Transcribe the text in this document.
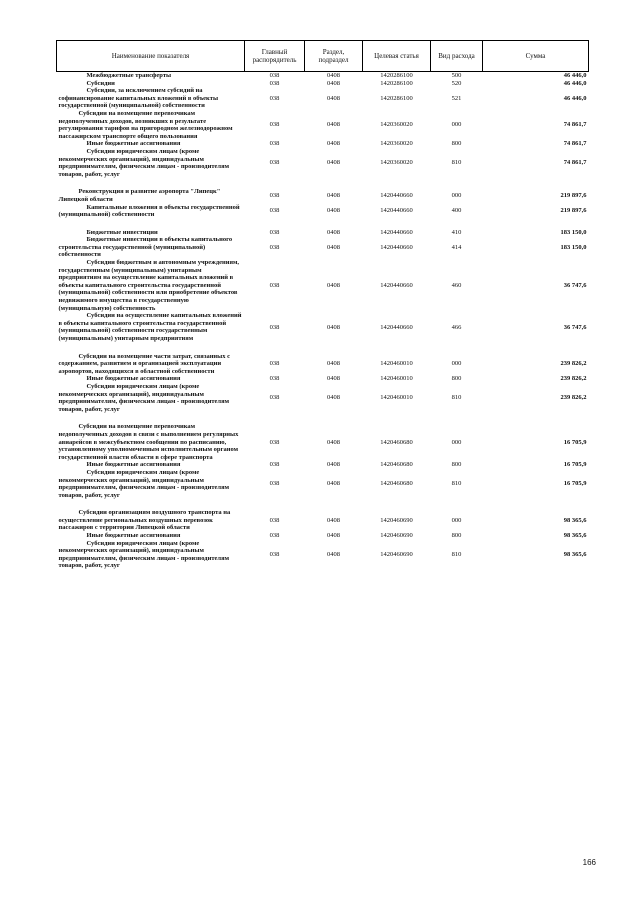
Наименование показателя	Главный распорядитель	Раздел, подраздел	Целевая статья	Вид расхода	Сумма
Межбюджетные трансферты	038	0408	1420286100	500	46 446,0
Субсидии	038	0408	1420286100	520	46 446,0
Субсидии, за исключением субсидий на софинансирование капитальных вложений в объекты государственной (муниципальной) собственности	038	0408	1420286100	521	46 446,0
Субсидии на возмещение перевозчикам недополученных доходов, возникших в результате регулирования тарифов на пригородном железнодорожном пассажирском транспорте общего пользования	038	0408	1420360020	000	74 861,7
Иные бюджетные ассигнования	038	0408	1420360020	800	74 861,7
Субсидии юридическим лицам (кроме некоммерческих организаций), индивидуальным предпринимателям, физическим лицам - производителям товаров, работ, услуг	038	0408	1420360020	810	74 861,7

Реконструкция и развитие аэропорта "Липецк" Липецкой области	038	0408	1420440660	000	219 897,6
Капитальные вложения в объекты государственной (муниципальной) собственности	038	0408	1420440660	400	219 897,6

Бюджетные инвестиции	038	0408	1420440660	410	183 150,0
Бюджетные инвестиции в объекты капитального строительства государственной (муниципальной) собственности	038	0408	1420440660	414	183 150,0
Субсидии бюджетным и автономным учреждениям, государственным (муниципальным) унитарным предприятиям на осуществление капитальных вложений в объекты капитального строительства государственной (муниципальной) собственности или приобретение объектов недвижимого имущества в государственную (муниципальную) собственность	038	0408	1420440660	460	36 747,6
Субсидии на осуществление капитальных вложений в объекты капитального строительства государственной (муниципальной) собственности государственным (муниципальным) унитарным предприятиям	038	0408	1420440660	466	36 747,6

Субсидии на возмещение части затрат, связанных с содержанием, развитием и организацией эксплуатации аэропортов, находящихся в областной собственности	038	0408	1420460010	000	239 826,2
Иные бюджетные ассигнования	038	0408	1420460010	800	239 826,2
Субсидии юридическим лицам (кроме некоммерческих организаций), индивидуальным предпринимателям, физическим лицам - производителям товаров, работ, услуг	038	0408	1420460010	810	239 826,2

Субсидии на возмещение перевозчикам недополученных доходов в связи с выполнением регулярных авиарейсов в межсубъектном сообщении по расписанию, установленному уполномоченным исполнительным органом государственной власти области в сфере транспорта	038	0408	1420460680	000	16 705,9
Иные бюджетные ассигнования	038	0408	1420460680	800	16 705,9
Субсидии юридическим лицам (кроме некоммерческих организаций), индивидуальным предпринимателям, физическим лицам - производителям товаров, работ, услуг	038	0408	1420460680	810	16 705,9

Субсидии организациям воздушного транспорта на осуществление региональных воздушных перевозок пассажиров с территории Липецкой области	038	0408	1420460690	000	98 365,6
Иные бюджетные ассигнования	038	0408	1420460690	800	98 365,6
Субсидии юридическим лицам (кроме некоммерческих организаций), индивидуальным предпринимателям, физическим лицам - производителям товаров, работ, услуг	038	0408	1420460690	810	98 365,6
166
